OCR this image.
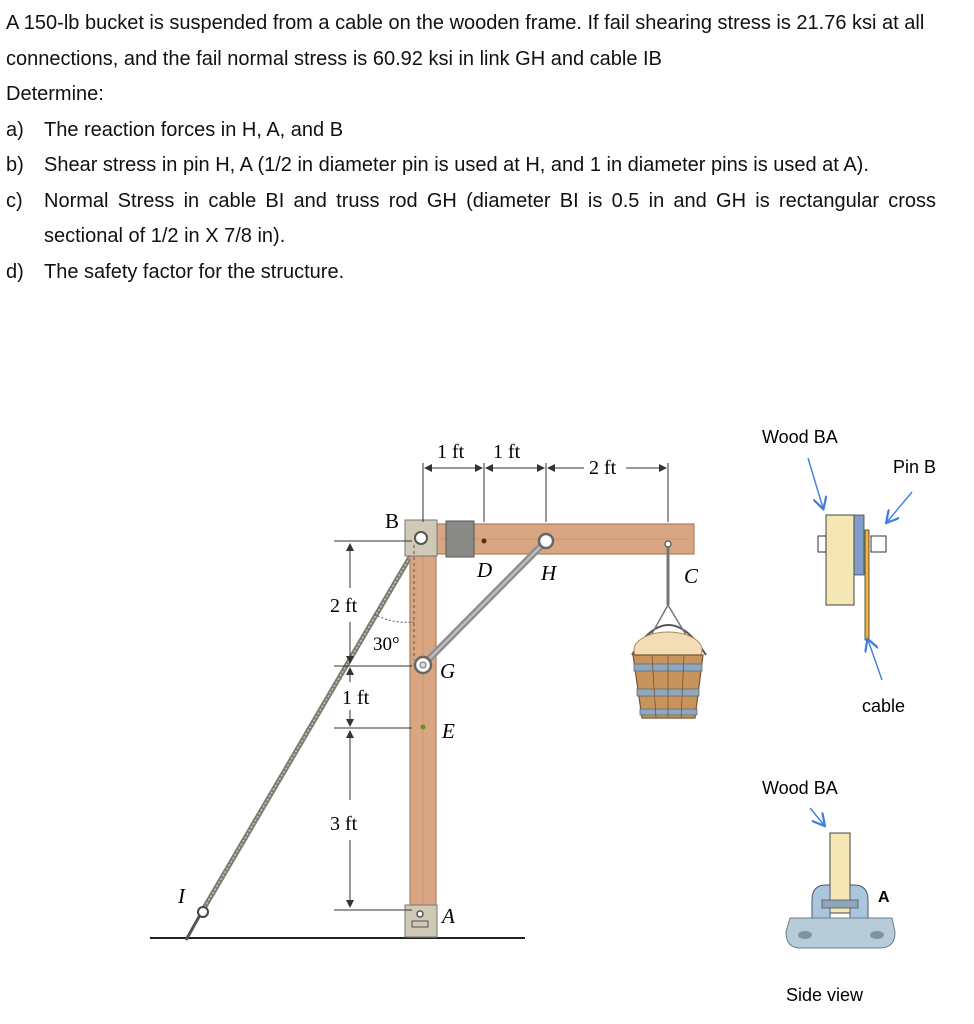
A 150-lb bucket is suspended from a cable on the wooden frame. If fail shearing stress is 21.76 ksi at all connections, and the fail normal stress is 60.92 ksi in link GH and cable IB

Determine:

a)	The reaction forces in H, A, and B
b)	Shear stress in pin H, A (1/2 in diameter pin is used at H, and 1 in diameter pins is used at A).
c)	Normal Stress in cable BI and truss rod GH (diameter BI is 0.5 in and GH is rectangular cross sectional of 1/2 in X 7/8 in).
d)	The safety factor for the structure.
1 ft 1 ft
2 ft
2 ft
1 ft
3 ft
30°
B
D H	C
G
E
A
I
Wood BA
Pin B
cable
Wood BA
A
Side view
